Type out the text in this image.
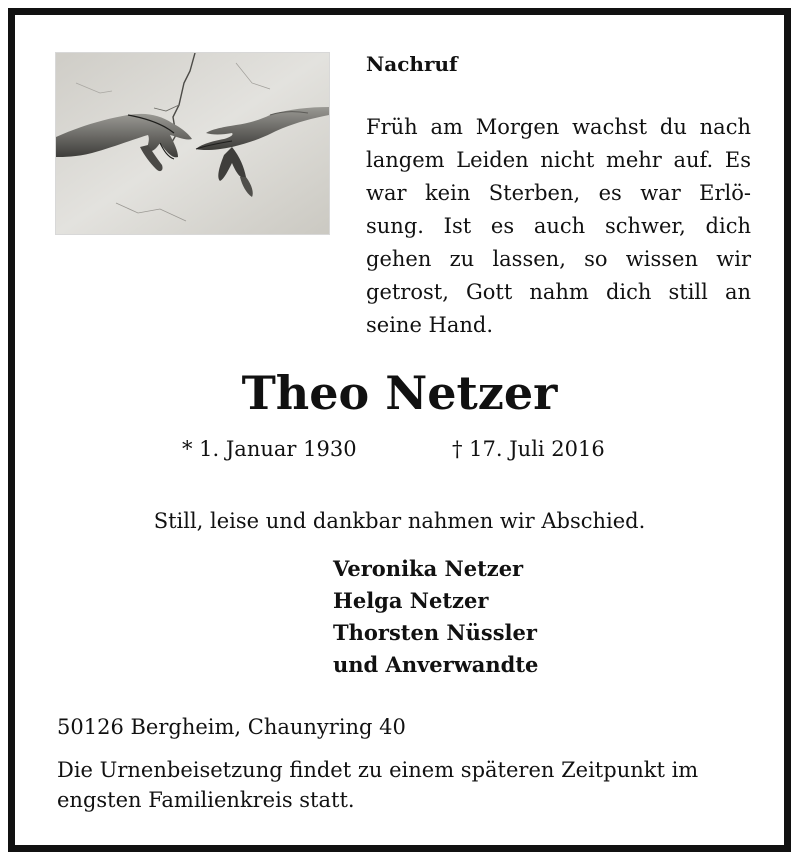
Nachruf
Früh am Morgen wachst du nach
langem Leiden nicht mehr auf. Es
war kein Sterben, es war Erlö-
sung. Ist es auch schwer, dich
gehen zu lassen, so wissen wir
getrost, Gott nahm dich still an
seine Hand.
Theo Netzer
* 1. Januar 1930	† 17. Juli 2016
Still, leise und dankbar nahmen wir Abschied.
Veronika Netzer
Helga Netzer
Thorsten Nüssler
und Anverwandte
50126 Bergheim, Chaunyring 40
Die Urnenbeisetzung findet zu einem späteren Zeitpunkt im engsten Familienkreis statt.
